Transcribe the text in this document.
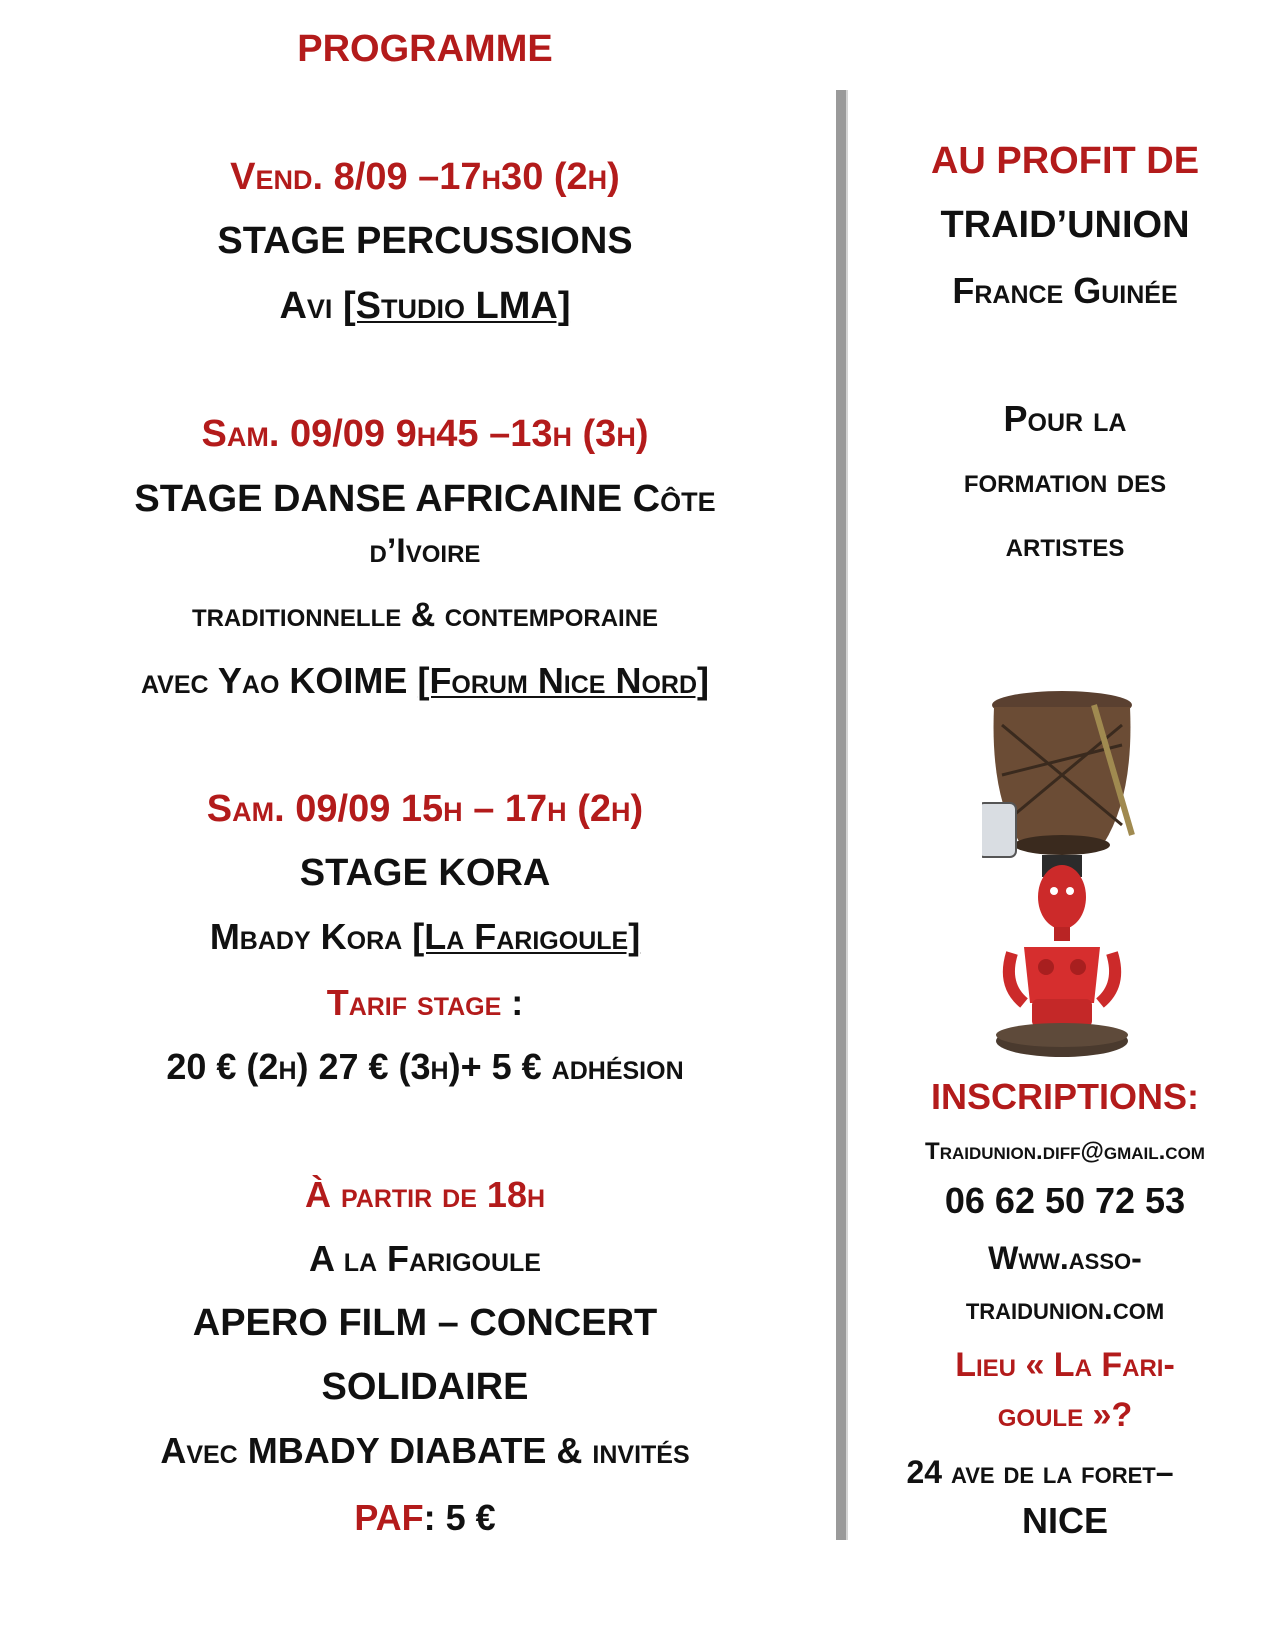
PROGRAMME
Vend. 8/09 –17h30 (2h)
STAGE PERCUSSIONS
Avi [Studio LMA]
Sam. 09/09 9h45 –13h (3h)
STAGE DANSE AFRICAINE Côte
d’Ivoire
traditionnelle & contemporaine
avec Yao KOIME [Forum Nice Nord]
Sam. 09/09 15h – 17h (2h)
STAGE KORA
Mbady Kora [La Farigoule]
Tarif stage :
20 € (2h) 27 € (3h)+ 5 € adhésion
À partir de 18h
A la Farigoule
APERO FILM – CONCERT
SOLIDAIRE
Avec MBADY DIABATE & invités
PAF: 5 €
AU PROFIT DE
TRAID’UNION
France Guinée
Pour la
formation des
artistes
INSCRIPTIONS:
Traidunion.diff@gmail.com
06 62 50 72 53
Www.asso-
traidunion.com
Lieu « La Fari-
goule »?
24 ave de la foret–
NICE
